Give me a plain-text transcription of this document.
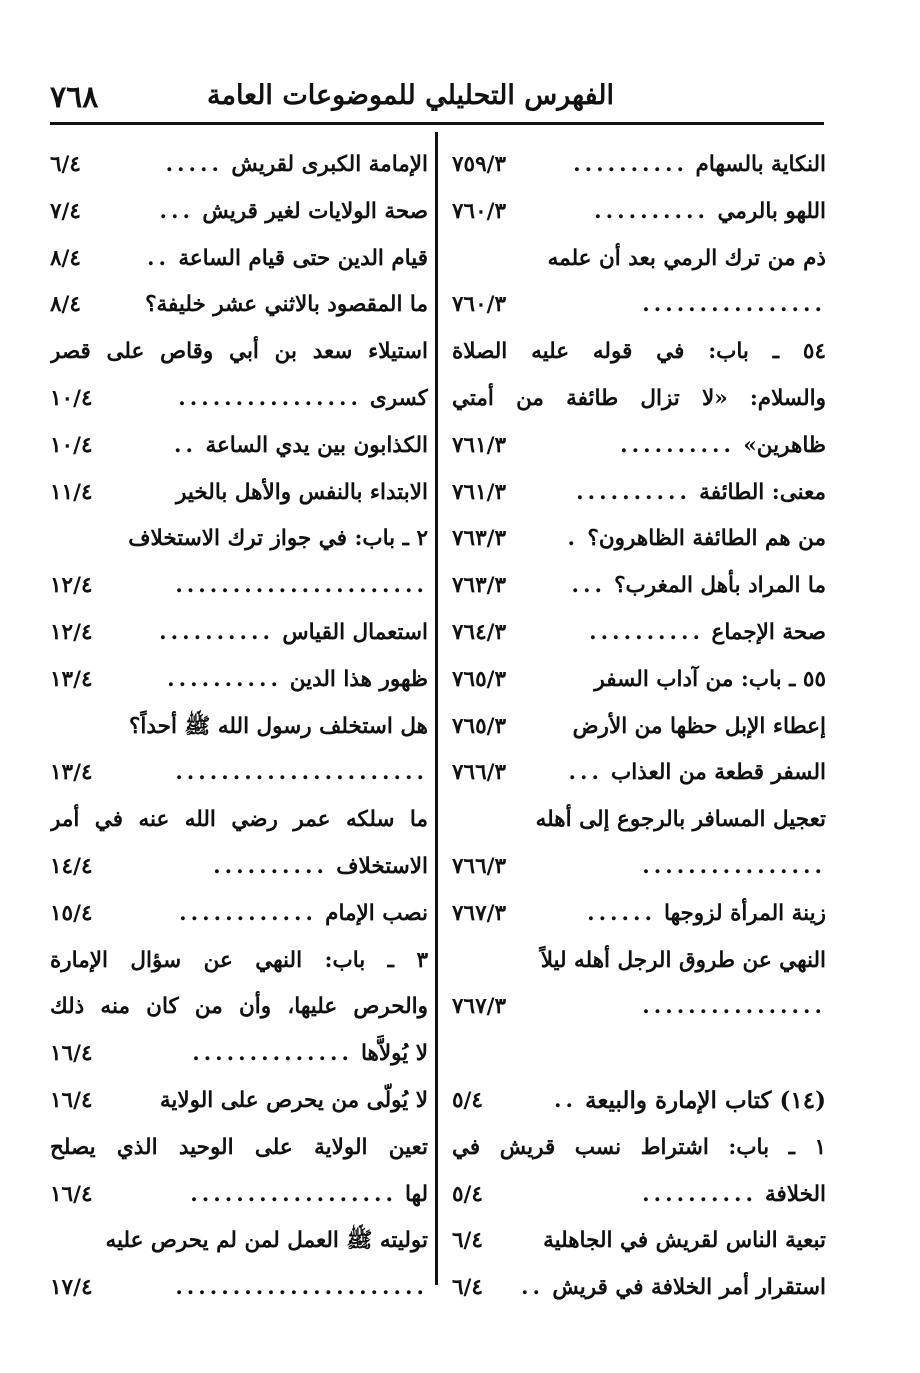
٧٦٨	الفهرس التحليلي للموضوعات العامة
النكاية بالسهام
..........
٧٥٩/٣
اللهو بالرمي
..........
٧٦٠/٣
ذم من ترك الرمي بعد أن علمه
................
٧٦٠/٣
٥٤ ـ باب: في قوله عليه الصلاة
والسلام: «لا تزال طائفة من أمتي
ظاهرين»
..........
٧٦١/٣
معنى: الطائفة
..........
٧٦١/٣
من هم الطائفة الظاهرون؟
.
٧٦٣/٣
ما المراد بأهل المغرب؟
...
٧٦٣/٣
صحة الإجماع
..........
٧٦٤/٣
٥٥ ـ باب: من آداب السفر
٧٦٥/٣
إعطاء الإبل حظها من الأرض
٧٦٥/٣
السفر قطعة من العذاب
...
٧٦٦/٣
تعجيل المسافر بالرجوع إلى أهله
................
٧٦٦/٣
زينة المرأة لزوجها
......
٧٦٧/٣
النهي عن طروق الرجل أهله ليلاً
................
٧٦٧/٣
(١٤) كتاب الإمارة والبيعة
..
٥/٤
١ ـ باب: اشتراط نسب قريش في
الخلافة
..........
٥/٤
تبعية الناس لقريش في الجاهلية
٦/٤
استقرار أمر الخلافة في قريش
..
٦/٤
الإمامة الكبرى لقريش
.....
٦/٤
صحة الولايات لغير قريش
...
٧/٤
قيام الدين حتى قيام الساعة
..
٨/٤
ما المقصود بالاثني عشر خليفة؟
٨/٤
استيلاء سعد بن أبي وقاص على قصر
كسرى
................
١٠/٤
الكذابون بين يدي الساعة
..
١٠/٤
الابتداء بالنفس والأهل بالخير
١١/٤
٢ ـ باب: في جواز ترك الاستخلاف
......................
١٢/٤
استعمال القياس
..........
١٢/٤
ظهور هذا الدين
..........
١٣/٤
هل استخلف رسول الله ﷺ أحداً؟
......................
١٣/٤
ما سلكه عمر رضي الله عنه في أمر
الاستخلاف
..........
١٤/٤
نصب الإمام
............
١٥/٤
٣ ـ باب: النهي عن سؤال الإمارة
والحرص عليها، وأن من كان منه ذلك
لا يُولاَّها
..............
١٦/٤
لا يُولّى من يحرص على الولاية
١٦/٤
تعين الولاية على الوحيد الذي يصلح
لها
..................
١٦/٤
توليته ﷺ العمل لمن لم يحرص عليه
......................
١٧/٤
